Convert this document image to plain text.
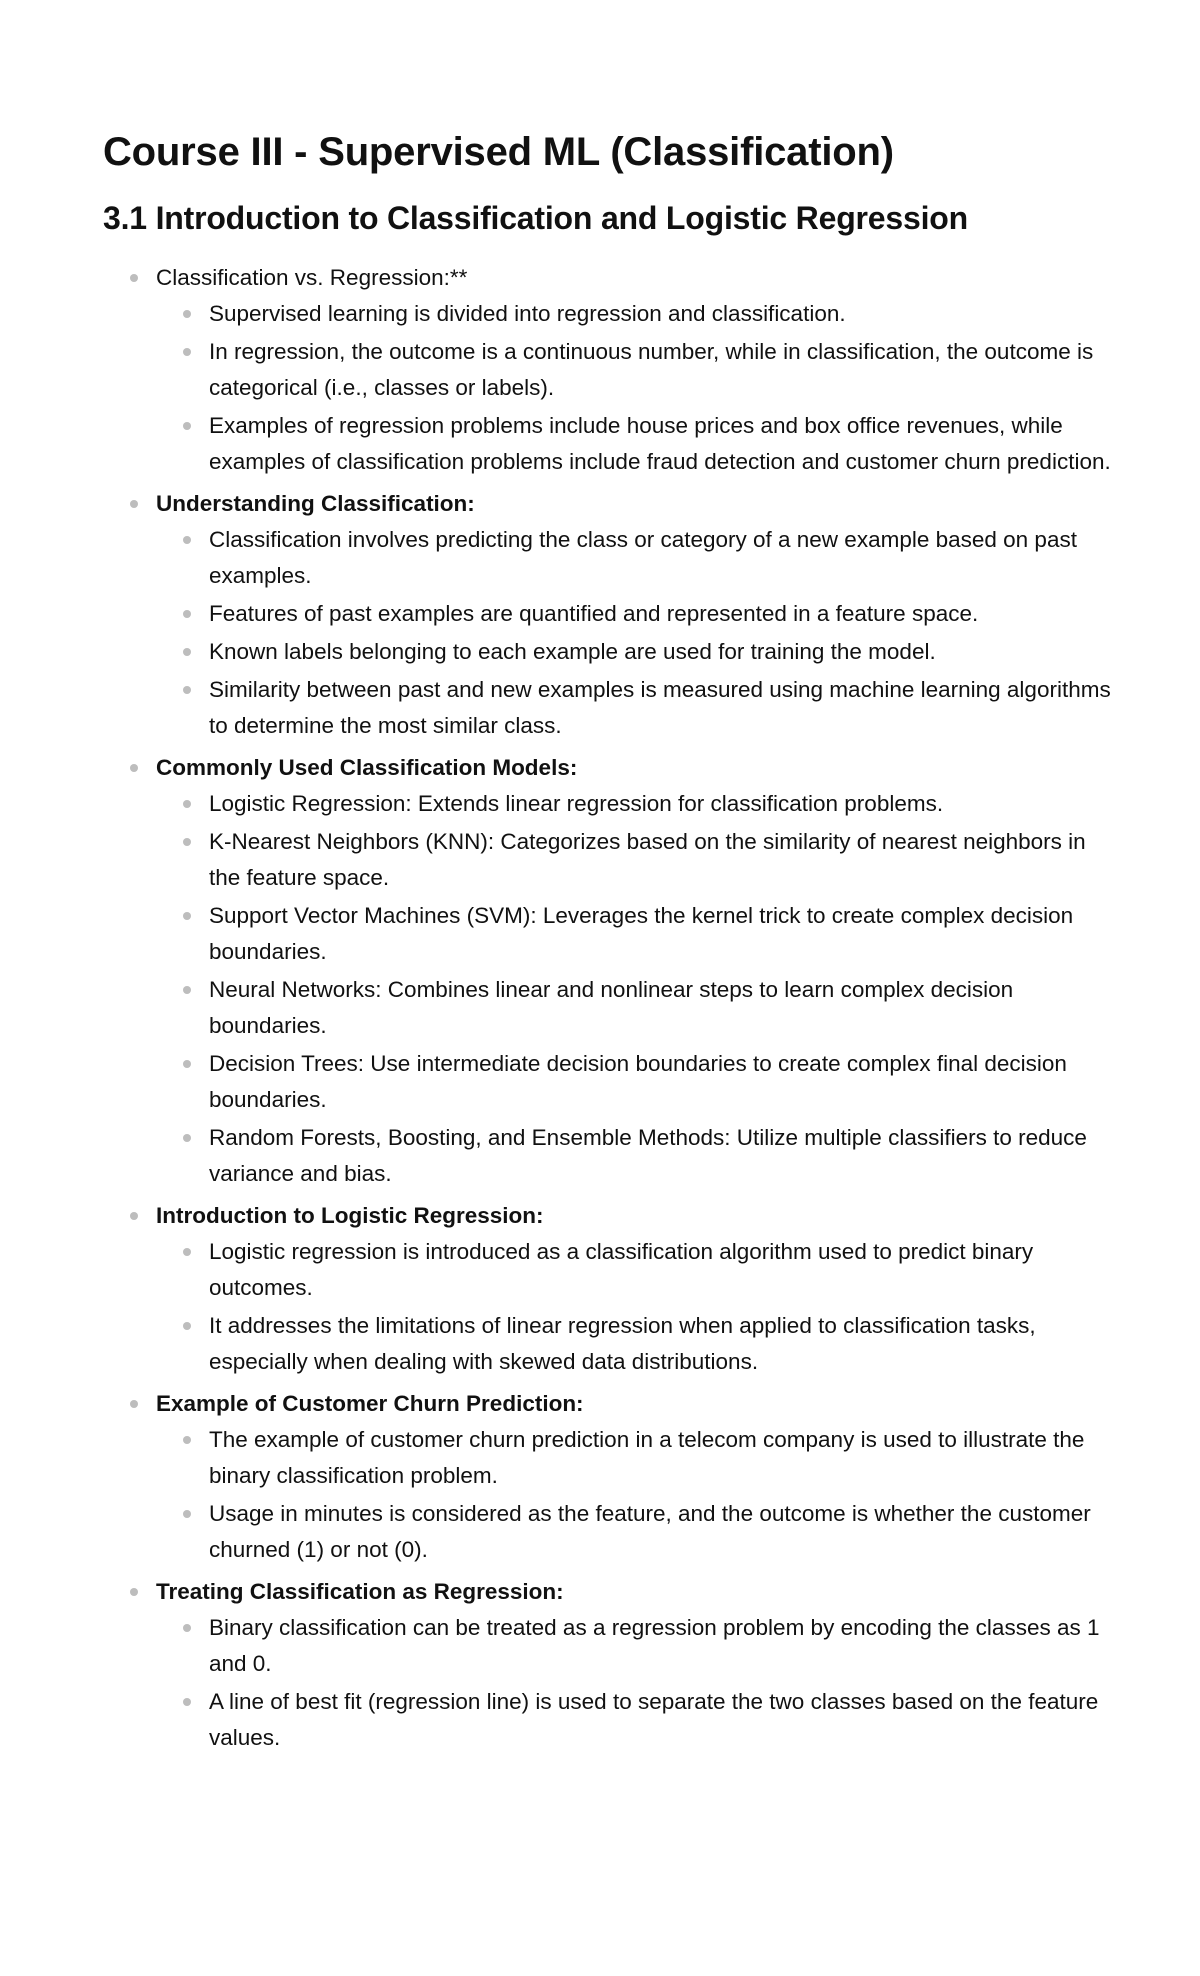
Course III - Supervised ML (Classification)
3.1 Introduction to Classification and Logistic Regression
Classification vs. Regression:**
Supervised learning is divided into regression and classification.
In regression, the outcome is a continuous number, while in classification, the outcome is categorical (i.e., classes or labels).
Examples of regression problems include house prices and box office revenues, while examples of classification problems include fraud detection and customer churn prediction.
Understanding Classification:
Classification involves predicting the class or category of a new example based on past examples.
Features of past examples are quantified and represented in a feature space.
Known labels belonging to each example are used for training the model.
Similarity between past and new examples is measured using machine learning algorithms to determine the most similar class.
Commonly Used Classification Models:
Logistic Regression: Extends linear regression for classification problems.
K-Nearest Neighbors (KNN): Categorizes based on the similarity of nearest neighbors in the feature space.
Support Vector Machines (SVM): Leverages the kernel trick to create complex decision boundaries.
Neural Networks: Combines linear and nonlinear steps to learn complex decision boundaries.
Decision Trees: Use intermediate decision boundaries to create complex final decision boundaries.
Random Forests, Boosting, and Ensemble Methods: Utilize multiple classifiers to reduce variance and bias.
Introduction to Logistic Regression:
Logistic regression is introduced as a classification algorithm used to predict binary outcomes.
It addresses the limitations of linear regression when applied to classification tasks, especially when dealing with skewed data distributions.
Example of Customer Churn Prediction:
The example of customer churn prediction in a telecom company is used to illustrate the binary classification problem.
Usage in minutes is considered as the feature, and the outcome is whether the customer churned (1) or not (0).
Treating Classification as Regression:
Binary classification can be treated as a regression problem by encoding the classes as 1 and 0.
A line of best fit (regression line) is used to separate the two classes based on the feature values.
